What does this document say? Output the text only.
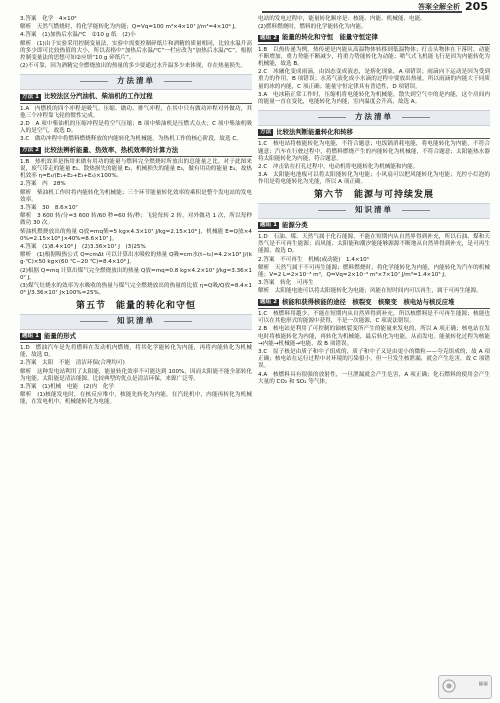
答案全解全析 205

3.答案　化学　4×10⁶

解析　天然气燃烧时，将化学能转化为内能；Q=Vq=100 m³×4×10⁷ J/m³=4×10⁹ J。

4.答案　(1)加热后水温/℃　②10 g 纸　(2)小

解析　(1)由于实验采用控制变量法，实验中需要控制碎纸片和酒精的质量相同，比较水温升高的多少即可比较热值的大小，所以表格中“加热后水温/℃”一栏应改为“加热后水温/℃”，根据控制变量法的思想可知②应填“10 g 碎纸片”。

(2)不可靠，因为酒精完全燃烧放出的热量的多少要通过水升温多少来体现，存在热量损失。

方法清单
方法 1 比较法区分汽油机、柴油机的工作过程

1.A　内燃机的四个冲程是吸气、压缩、做功、排气冲程，在其中只有做功冲程对外做功，其他三个冲程靠飞轮的惯性完成。

2.D　A 项中柴油机的压缩冲程是将空气压缩；B 项中柴油机是压燃式点火；C 项中柴油机吸入的是空气，故选 D。

3.C　做功冲程中将燃料燃烧释放的内能转化为机械能，为热机工作的核心阶段，故选 C。

方法 2 比较法辨析能量、热效率、热机效率的计算方法

1.B　热机效率是指用来做有用功的能量与燃料完全燃烧时所放出的总能量之比。对于此图来说，废气带走的能量 E₁、散热损失的能量 E₂、机械损失的能量 E₃，做有用功的能量 E₄，故热机效率 η=E₄/(E₁+E₂+E₃+E₄)×100%。

2.答案　内　28%

解析　柴油机工作时将内能转化为机械能；三个环节能量转化效率的乘积是整个发电站的发电效率。

3.答案　30　8.6×10⁷

解析　3 600 转/分=3 600 转/60 秒=60 转/秒；飞轮每转 2 转，对外做功 1 次，所以每秒做功 30 次。

柴油机燃烧放出的热量 Q放=mq柴=5 kg×4.3×10⁷ J/kg=2.15×10⁸ J，机械能 E=Q放×40%=2.15×10⁸ J×40%=8.6×10⁷ J。

4.答案　(1)8.4×10⁶ J　(2)3.36×10⁷ J　(3)25%

解析　(1)根据吸热公式 Q=cmΔt 可以计算出水吸收的热量 Q吸=cm水(t−t₀)=4.2×10³ J/(kg·℃)×50 kg×(60 ℃−20 ℃)=8.4×10⁶ J。

(2)根据 Q=mq 计算出煤气完全燃烧放出的热量 Q放=mq=0.8 kg×4.2×10⁷ J/kg=3.36×10⁷ J。

(3)煤气灶烧水的效率为水吸收的热量与煤气完全燃烧放出的热量的比值 η=Q吸/Q放=8.4×10⁶ J/3.36×10⁷ J×100%=25%。

第五节　能量的转化和守恒
知识清单
题组 1 能量的形式

1.D　燃油汽车是先将燃料在发动机内燃烧，将其化学能转化为内能，再将内能转化为机械能，故选 D。

2.答案　太阳　不能　清洁环保(合理均可)

解析　这种发电站利用了太阳能，能量转化效率不可能达到 100%，因而太阳能不能全部转化为电能。太阳能是清洁能源，比较典型的优点是清洁环保，来源广泛等。

3.答案　(1)机械　电能　(2)内　化学

解析　(1)核能发电时，在核反应堆中，核能先转化为内能，在汽轮机中，内能再转化为机械能，在发电机中，机械能转化为电能。

电站的发电过程中，能量转化顺序是：核能、内能、机械能、电能。

(2)燃料燃烧时，燃料的化学能转化为内能。

题组 2 能量的转化和守恒　能量守恒定律

1.B　以热传递为例，热传递是内能从高温物体转移到低温物体；打击头物体在下落时，动能不断增加，重力势能不断减少，将重力势能转化为动能；喷气式飞机能飞行是因为内能转化为机械能，故选 B。

2.C　冰融化变成雨滴，由固态变成液态，是熔化现象，A 项错误；雨滴向下运动是因为受到重力的作用，B 项错误；水蒸气液化成小水滴的过程中要放出热量，所以雨滴的内能大于同质量的冰的内能，C 项正确；能量守恒定律具有普适性，D 项错误。

3.A　电冰箱正常工作时，压缩机将电能转化为机械能，散失到空气中的是内能，这个房间内的能量一直在变化，电能转化为内能，室内温度会升高，故选 A。

方法清单
方法 比较法判断能量转化和转移

1.C　核电站将核能转化为电能，不符合题意；电饭锅消耗电能，将电能转化为内能，不符合题意；汽车在行驶过程中，将燃料燃烧产生的内能转化为机械能，不符合题意；太阳能热水器将太阳能转化为内能，符合题意。

2.C　冲击钻在打孔过程中，电动机将电能转化为机械能和内能。

3.A　太阳能电池板可以将太阳能转化为电能；小风扇可以把风能转化为电能；光控小灯泡的作用是将电能转化为光能，所以 A 项正确。

第六节　能源与可持续发展
知识清单
题组 1 能源分类

1.D　石油、煤、天然气属于化石能源，不能在短期内从自然界得到补充，所以石油、煤和天然气是不可再生能源；而风能、太阳能和潮汐能能够源源不断地从自然界得到补充，是可再生能源，故选 D。

2.答案　不可再生　机械(或动能)　1.4×10⁵

解析　天然气属于不可再生能源；燃料燃烧时，将化学能转化为内能，内能转化为汽车的机械能；V=2 L=2×10⁻³ m³，Q=Vq=2×10⁻³ m³×7×10⁷ J/m³=1.4×10⁵ J。

3.答案　转化　可再生

解析　太阳能电池可以将太阳能转化为电能；风能在短时间内可以再生，属于可再生能源。

题组 2 核能和获得核能的途径　核裂变　核聚变　核电站与核反应堆

1.C　核燃料用越少，不能在短期内从自然界得到补充，所以核燃料是不可再生能源；核能也可以在其他形式的能源中获得，不是一次能源，C 项说法错误。

2.B　核电站是利用了可控制的铀核裂变所产生的能量来发电的，所以 A 项正确；核电站在发电时将核能转化为内能，再转化为机械能，最后转化为电能，从而发电。能量转化过程为核能→内能→机械能→电能，故 B 项错误。

3.C　原子核是由质子和中子组成的，质子和中子又是由更小的微粒——夸克组成的，故 A 项正确；核电站在运行过程中对环境的污染很小，但一旦发生核泄漏，就会产生危害，故 C 项错误。

4.A　核燃料具有很强的放射性，一旦泄漏就会产生危害，A 项正确；化石燃料的使用会产生大量的 CO₂ 和 SO₂ 等气体。

▦▦
